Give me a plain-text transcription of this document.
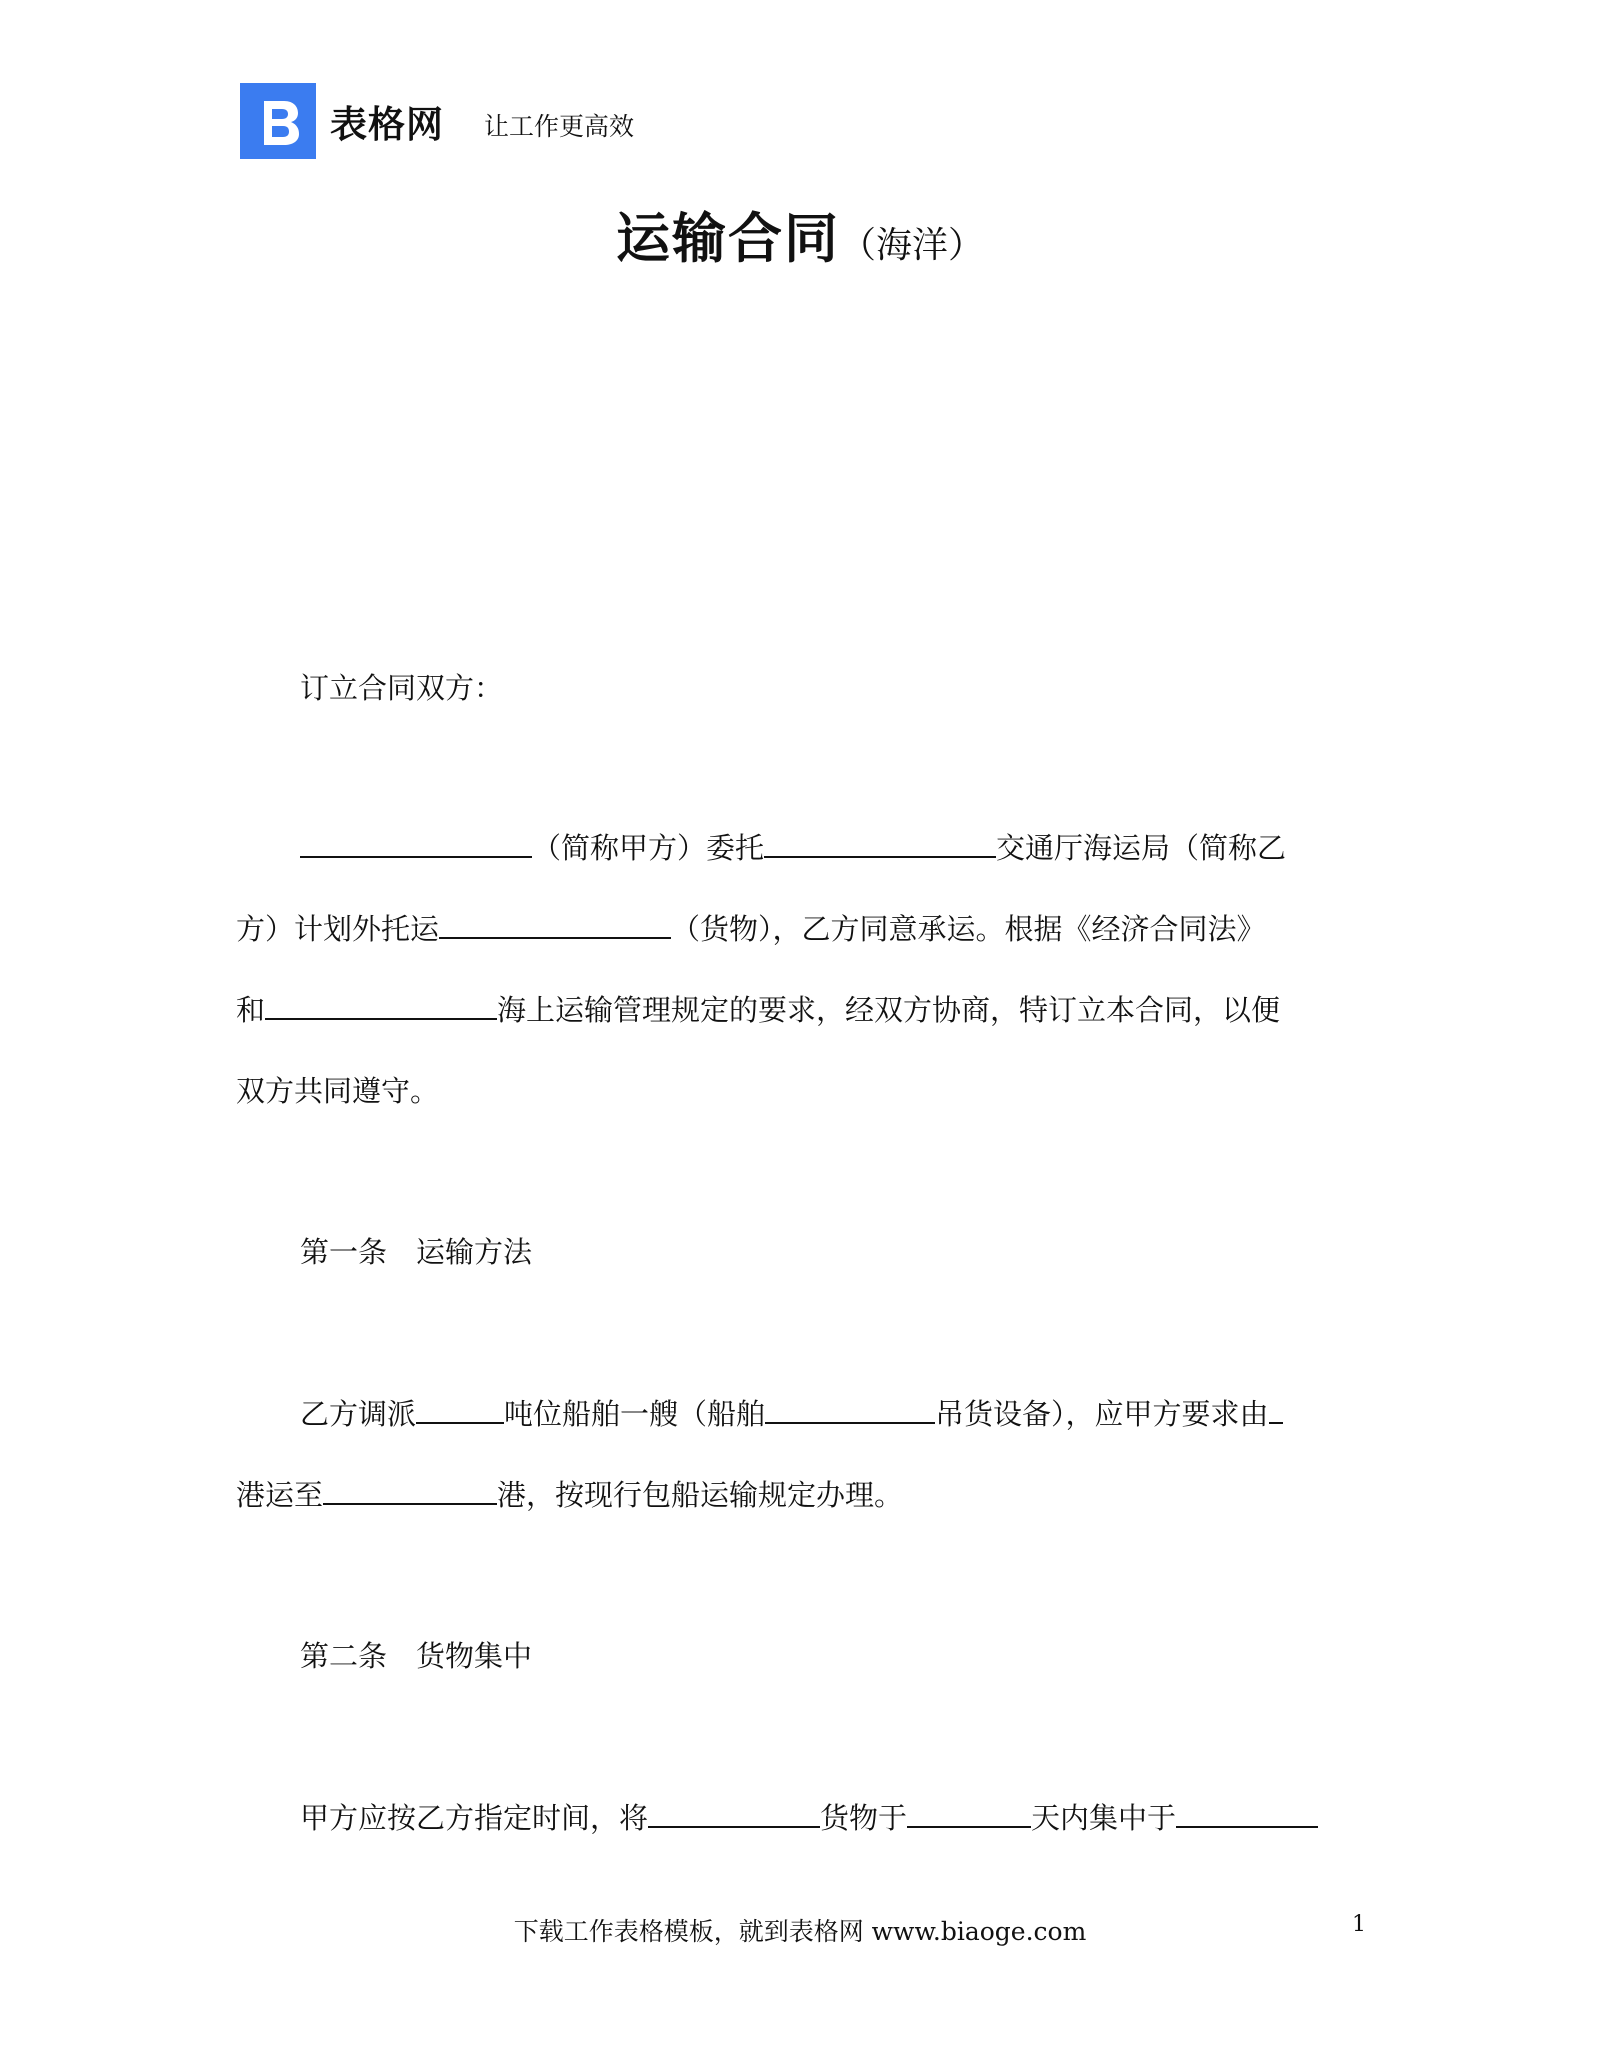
表格网 让工作更高效
运输合同（海洋）
订立合同双方：
（简称甲方）委托	交通厅海运局（简称乙
方）计划外托运	（货物），乙方同意承运。根据《经济合同法》
和	海上运输管理规定的要求，经双方协商，特订立本合同，以便
双方共同遵守。
第一条　运输方法
乙方调派	吨位船舶一艘（船舶	吊货设备），应甲方要求由
港运至	港，按现行包船运输规定办理。
第二条　货物集中
甲方应按乙方指定时间，将	货物于	天内集中于
下载工作表格模板，就到表格网 www.biaoge.com	1
